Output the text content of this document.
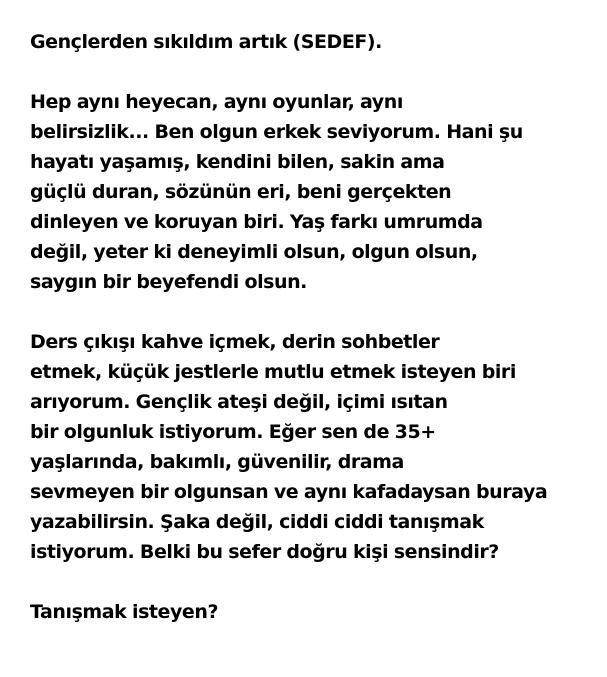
Gençlerden sıkıldım artık (SEDEF).
Hep aynı heyecan, aynı oyunlar, aynı
belirsizlik... Ben olgun erkek seviyorum. Hani şu
hayatı yaşamış, kendini bilen, sakin ama
güçlü duran, sözünün eri, beni gerçekten
dinleyen ve koruyan biri. Yaş farkı umrumda
değil, yeter ki deneyimli olsun, olgun olsun,
saygın bir beyefendi olsun.
Ders çıkışı kahve içmek, derin sohbetler
etmek, küçük jestlerle mutlu etmek isteyen biri
arıyorum. Gençlik ateşi değil, içimi ısıtan
bir olgunluk istiyorum. Eğer sen de 35+
yaşlarında, bakımlı, güvenilir, drama
sevmeyen bir olgunsan ve aynı kafadaysan buraya
yazabilirsin. Şaka değil, ciddi ciddi tanışmak
istiyorum. Belki bu sefer doğru kişi sensindir?
Tanışmak isteyen?
